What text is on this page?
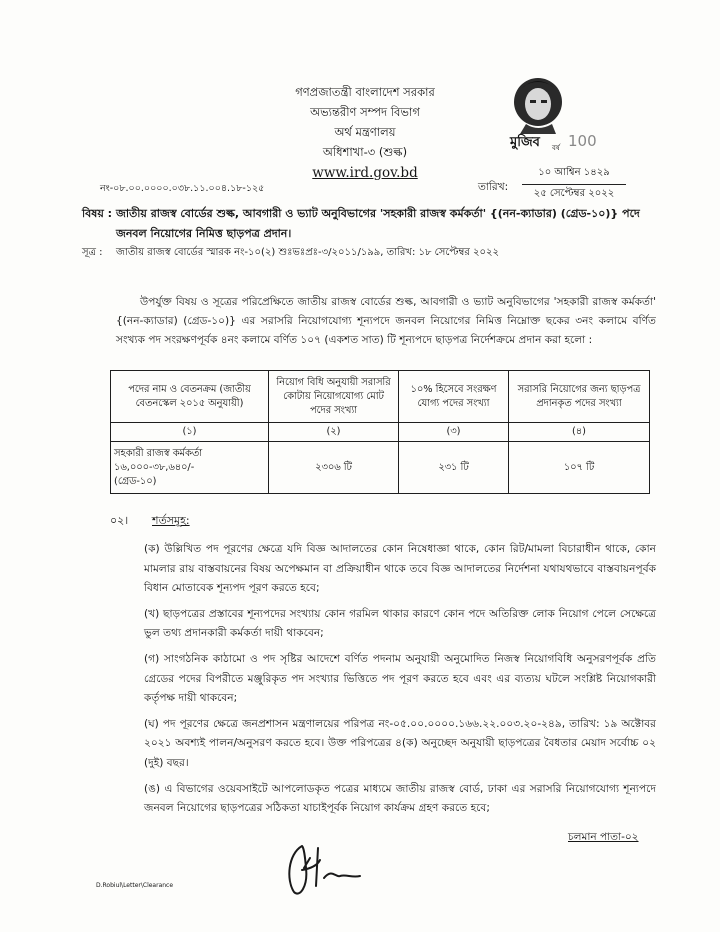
গণপ্রজাতন্ত্রী বাংলাদেশ সরকার
অভ্যন্তরীণ সম্পদ বিভাগ
অর্থ মন্ত্রণালয়
অধিশাখা-৩ (শুল্ক)
www.ird.gov.bd
মুজিব বর্ষ 100
নং-০৮.০০.০০০০.০৩৮.১১.০০৪.১৮-১২৫	তারিখ:
১০ আশ্বিন ১৪২৯
২৫ সেপ্টেম্বর ২০২২
বিষয় : জাতীয় রাজস্ব বোর্ডের শুল্ক, আবগারী ও ভ্যাট অনুবিভাগের 'সহকারী রাজস্ব কর্মকর্তা' {(নন-ক্যাডার) (গ্রেড-১০)} পদে জনবল নিয়োগের নিমিত্ত ছাড়পত্র প্রদান।
সূত্র : জাতীয় রাজস্ব বোর্ডের স্মারক নং-১০(২) শুঃভঃপ্রঃ-৩/২০১১/১৯৯, তারিখ: ১৮ সেপ্টেম্বর ২০২২

উপর্যুক্ত বিষয় ও সূত্রের পরিপ্রেক্ষিতে জাতীয় রাজস্ব বোর্ডের শুল্ক, আবগারী ও ভ্যাট অনুবিভাগের 'সহকারী রাজস্ব কর্মকর্তা' {(নন-ক্যাডার) (গ্রেড-১০)} এর সরাসরি নিয়োগযোগ্য শূন্যপদে জনবল নিয়োগের নিমিত্ত নিম্নোক্ত ছকের ৩নং কলামে বর্ণিত সংখ্যক পদ সংরক্ষণপূর্বক ৪নং কলামে বর্ণিত ১০৭ (একশত সাত) টি শূন্যপদে ছাড়পত্র নির্দেশক্রমে প্রদান করা হলো :

পদের নাম ও বেতনক্রম (জাতীয় বেতনস্কেল ২০১৫ অনুযায়ী)	নিয়োগ বিধি অনুযায়ী সরাসরি কোটায় নিয়োগযোগ্য মোট পদের সংখ্যা	১০% হিসেবে সংরক্ষণ যোগ্য পদের সংখ্যা	সরাসরি নিয়োগের জন্য ছাড়পত্র প্রদানকৃত পদের সংখ্যা
(১)	(২)	(৩)	(৪)

সহকারী রাজস্ব কর্মকর্তা
১৬,০০০-৩৮,৬৪০/-
(গ্রেড-১০)	২৩০৬ টি	২৩১ টি	১০৭ টি
০২। শর্তসমূহ:

(ক) উল্লিখিত পদ পূরণের ক্ষেত্রে যদি বিজ্ঞ আদালতের কোন নিষেধাজ্ঞা থাকে, কোন রিট/মামলা বিচারাধীন থাকে, কোন মামলার রায় বাস্তবায়নের বিষয় অপেক্ষমান বা প্রক্রিয়াধীন থাকে তবে বিজ্ঞ আদালতের নির্দেশনা যথাযথভাবে বাস্তবায়নপূর্বক বিধান মোতাবেক শূন্যপদ পূরণ করতে হবে;

(খ) ছাড়পত্রের প্রস্তাবের শূন্যপদের সংখ্যায় কোন গরমিল থাকার কারণে কোন পদে অতিরিক্ত লোক নিয়োগ পেলে সেক্ষেত্রে ভুল তথ্য প্রদানকারী কর্মকর্তা দায়ী থাকবেন;

(গ) সাংগঠনিক কাঠামো ও পদ সৃষ্টির আদেশে বর্ণিত পদনাম অনুযায়ী অনুমোদিত নিজস্ব নিয়োগবিধি অনুসরণপূর্বক প্রতি গ্রেডের পদের বিপরীতে মঞ্জুরিকৃত পদ সংখ্যার ভিত্তিতে পদ পূরণ করতে হবে এবং এর ব্যত্যয় ঘটলে সংশ্লিষ্ট নিয়োগকারী কর্তৃপক্ষ দায়ী থাকবেন;

(ঘ) পদ পূরণের ক্ষেত্রে জনপ্রশাসন মন্ত্রণালয়ের পরিপত্র নং-০৫.০০.০০০০.১৬৬.২২.০০৩.২০-২৪৯, তারিখ: ১৯ অক্টোবর ২০২১ অবশ্যই পালন/অনুসরণ করতে হবে। উক্ত পরিপত্রের ৪(ক) অনুচ্ছেদ অনুযায়ী ছাড়পত্রের বৈধতার মেয়াদ সর্বোচ্চ ০২ (দুই) বছর।

(ঙ) এ বিভাগের ওয়েবসাইটে আপলোডকৃত পত্রের মাধ্যমে জাতীয় রাজস্ব বোর্ড, ঢাকা এর সরাসরি নিয়োগযোগ্য শূন্যপদে জনবল নিয়োগের ছাড়পত্রের সঠিকতা যাচাইপূর্বক নিয়োগ কার্যক্রম গ্রহণ করতে হবে;

চলমান পাতা-০২
D.Robiul\Letter\Clearance
